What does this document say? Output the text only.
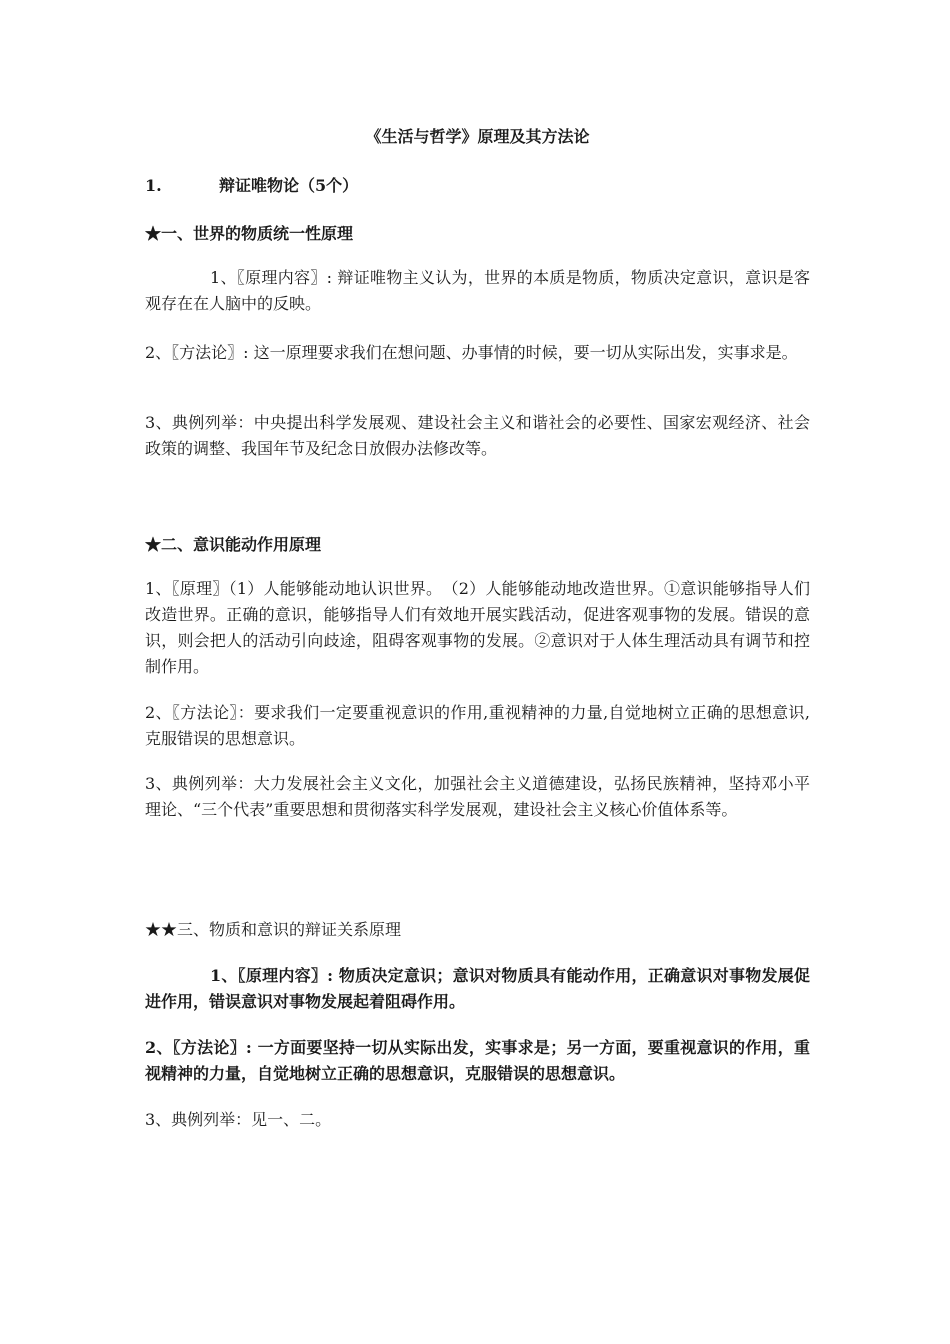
《生活与哲学》原理及其方法论
1.	辩证唯物论（5个）
★一、世界的物质统一性原理
1、〖原理内容〗: 辩证唯物主义认为，世界的本质是物质，物质决定意识，意识是客观存在在人脑中的反映。
2、〖方法论〗: 这一原理要求我们在想问题、办事情的时候，要一切从实际出发，实事求是。
3、典例列举：中央提出科学发展观、建设社会主义和谐社会的必要性、国家宏观经济、社会政策的调整、我国年节及纪念日放假办法修改等。
★二、意识能动作用原理
1、〖原理〗（1）人能够能动地认识世界。　（2）人能够能动地改造世界。①意识能够指导人们改造世界。正确的意识，能够指导人们有效地开展实践活动，促进客观事物的发展。错误的意识，则会把人的活动引向歧途，阻碍客观事物的发展。②意识对于人体生理活动具有调节和控制作用。
2、〖方法论〗：要求我们一定要重视意识的作用,重视精神的力量,自觉地树立正确的思想意识,克服错误的思想意识。
3、典例列举：大力发展社会主义文化，加强社会主义道德建设，弘扬民族精神，坚持邓小平理论、“三个代表”重要思想和贯彻落实科学发展观，建设社会主义核心价值体系等。
★★三、物质和意识的辩证关系原理
1、〖原理内容〗: 物质决定意识；意识对物质具有能动作用，正确意识对事物发展促进作用，错误意识对事物发展起着阻碍作用。
2、〖方法论〗: 一方面要坚持一切从实际出发，实事求是；另一方面，要重视意识的作用，重视精神的力量，自觉地树立正确的思想意识，克服错误的思想意识。
3、典例列举：见一、二。
